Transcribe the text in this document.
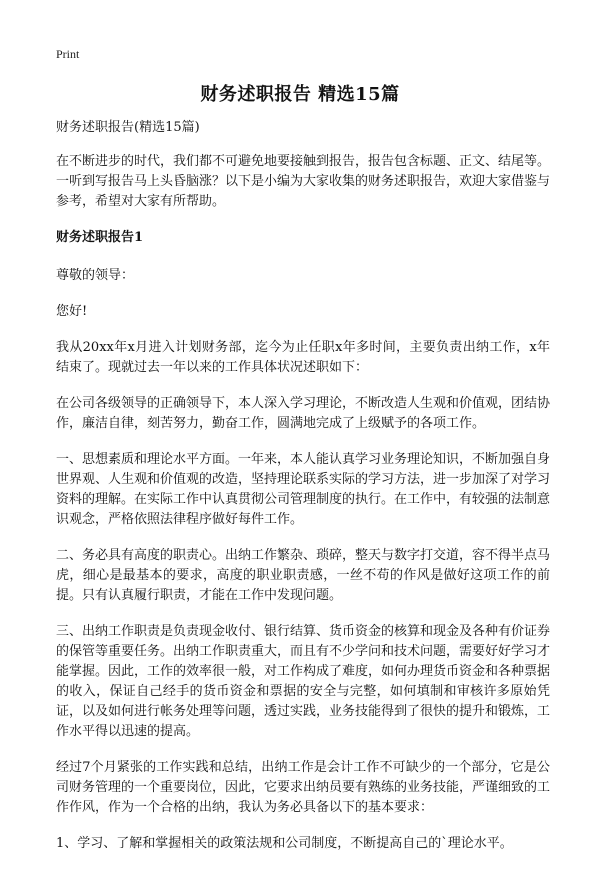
Print
财务述职报告 精选15篇

财务述职报告(精选15篇)

在不断进步的时代，我们都不可避免地要接触到报告，报告包含标题、正文、结尾等。一听到写报告马上头昏脑涨？以下是小编为大家收集的财务述职报告，欢迎大家借鉴与参考，希望对大家有所帮助。

财务述职报告1

尊敬的领导：

您好!

我从20xx年x月进入计划财务部，迄今为止任职x年多时间，主要负责出纳工作，x年结束了。现就过去一年以来的工作具体状况述职如下：

在公司各级领导的正确领导下，本人深入学习理论，不断改造人生观和价值观，团结协作，廉洁自律，刻苦努力，勤奋工作，圆满地完成了上级赋予的各项工作。

一、思想素质和理论水平方面。一年来，本人能认真学习业务理论知识，不断加强自身世界观、人生观和价值观的改造，坚持理论联系实际的学习方法，进一步加深了对学习资料的理解。在实际工作中认真贯彻公司管理制度的执行。在工作中，有较强的法制意识观念，严格依照法律程序做好每件工作。

二、务必具有高度的职责心。出纳工作繁杂、琐碎，整天与数字打交道，容不得半点马虎，细心是最基本的要求，高度的职业职责感，一丝不苟的作风是做好这项工作的前提。只有认真履行职责，才能在工作中发现问题。

三、出纳工作职责是负责现金收付、银行结算、货币资金的核算和现金及各种有价证券的保管等重要任务。出纳工作职责重大，而且有不少学问和技术问题，需要好好学习才能掌握。因此，工作的效率很一般，对工作构成了难度，如何办理货币资金和各种票据的收入，保证自己经手的货币资金和票据的安全与完整，如何填制和审核许多原始凭证，以及如何进行帐务处理等问题，透过实践，业务技能得到了很快的提升和锻炼，工作水平得以迅速的提高。

经过7个月紧张的工作实践和总结，出纳工作是会计工作不可缺少的一个部分，它是公司财务管理的一个重要岗位，因此，它要求出纳员要有熟练的业务技能，严谨细致的工作作风，作为一个合格的出纳，我认为务必具备以下的基本要求：

1、学习、了解和掌握相关的政策法规和公司制度，不断提高自己的`理论水平。
